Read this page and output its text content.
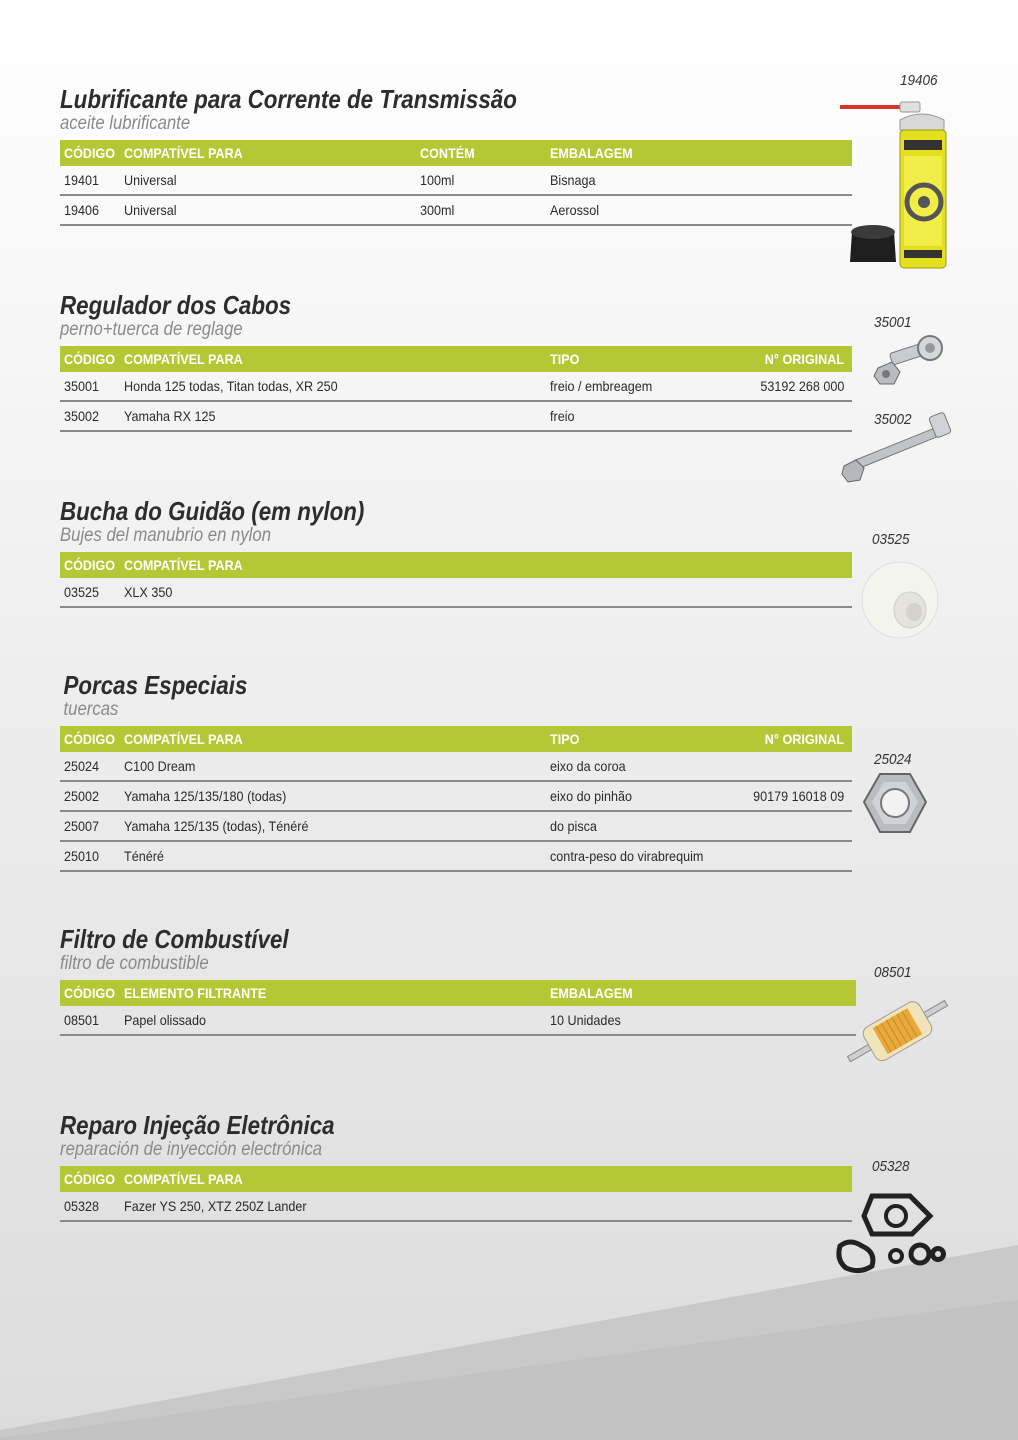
Lubrificante para Corrente de Transmissão
aceite lubrificante
CÓDIGO COMPATÍVEL PARA	CONTÉM	EMBALAGEM
19401 Universal	100ml	Bisnaga
19406 Universal	300ml	Aerossol
19406
Regulador dos Cabos
perno+tuerca de reglage
CÓDIGO COMPATÍVEL PARA	TIPO	N° ORIGINAL
35001 Honda 125 todas, Titan todas, XR 250	freio / embreagem	53192 268 000
35002 Yamaha RX 125	freio
35001
35002
Bucha do Guidão (em nylon)
Bujes del manubrio en nylon
CÓDIGO COMPATÍVEL PARA
03525 XLX 350
03525
Porcas Especiais
tuercas
CÓDIGO COMPATÍVEL PARA	TIPO	N° ORIGINAL
25024 C100 Dream	eixo da coroa
25002 Yamaha 125/135/180 (todas)	eixo do pinhão	90179 16018 09
25007 Yamaha 125/135 (todas), Ténéré	do pisca
25010 Ténéré	contra-peso do virabrequim
25024
Filtro de Combustível
filtro de combustible
CÓDIGO ELEMENTO FILTRANTE	EMBALAGEM
08501 Papel olissado	10 Unidades
08501
Reparo Injeção Eletrônica
reparación de inyección electrónica
CÓDIGO COMPATÍVEL PARA
05328 Fazer YS 250, XTZ 250Z Lander
05328
